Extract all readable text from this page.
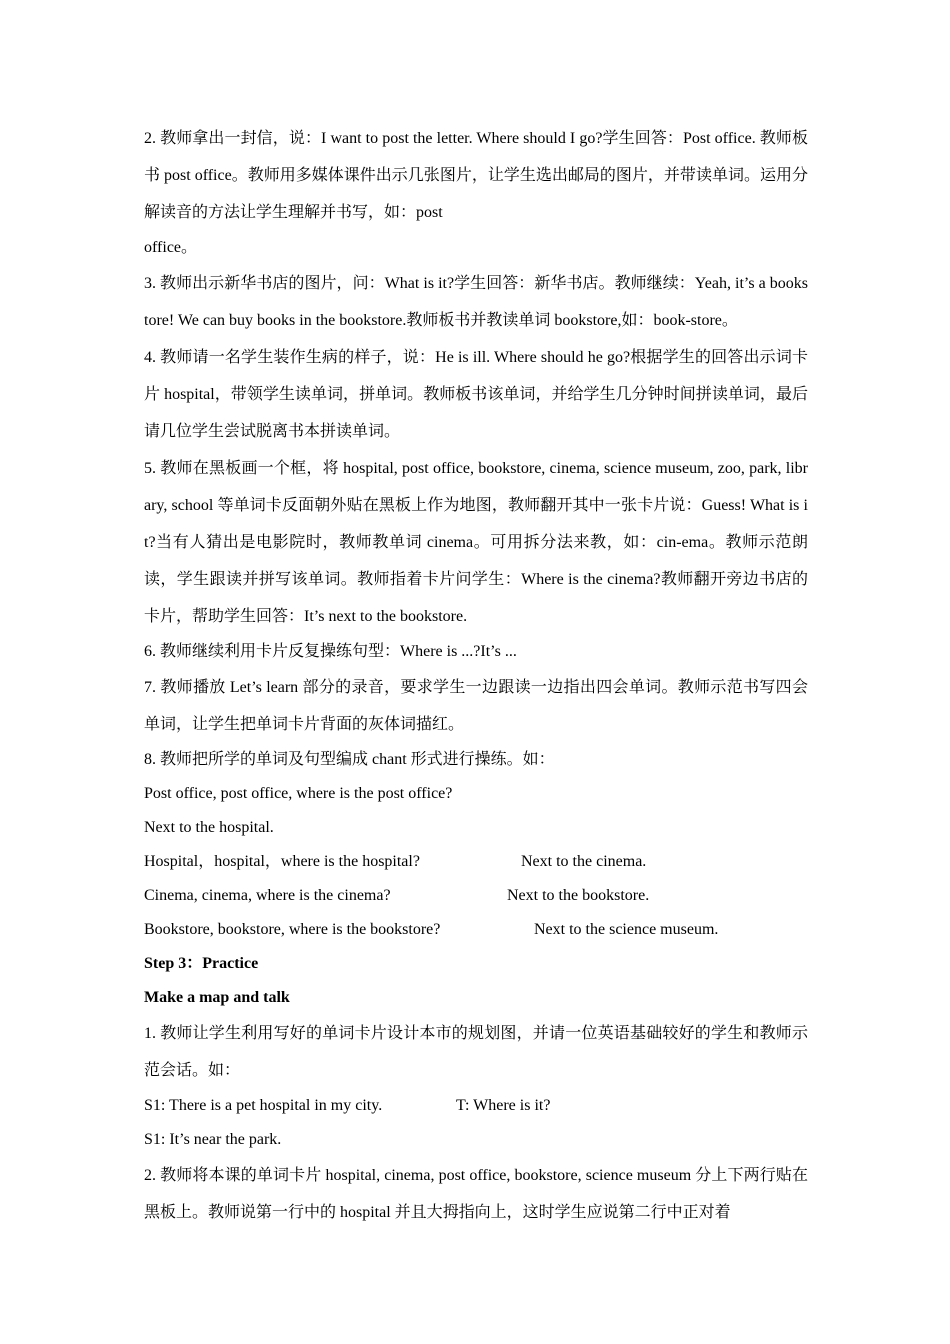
2. 教师拿出一封信，说：I want to post the letter. Where should I go?学生回答：Post office. 教师板书 post office。教师用多媒体课件出示几张图片，让学生选出邮局的图片，并带读单词。运用分解读音的方法让学生理解并书写，如：post

office。

3. 教师出示新华书店的图片，问：What is it?学生回答：新华书店。教师继续：Yeah, it’s a bookstore! We can buy books in the bookstore.教师板书并教读单词 bookstore,如：book-store。

4. 教师请一名学生装作生病的样子，说：He is ill. Where should he go?根据学生的回答出示词卡片 hospital，带领学生读单词，拼单词。教师板书该单词，并给学生几分钟时间拼读单词，最后请几位学生尝试脱离书本拼读单词。

5. 教师在黑板画一个框，将 hospital, post office, bookstore, cinema, science museum, zoo, park, library, school 等单词卡反面朝外贴在黑板上作为地图，教师翻开其中一张卡片说：Guess! What is it?当有人猜出是电影院时，教师教单词 cinema。可用拆分法来教，如：cin-ema。教师示范朗读，学生跟读并拼写该单词。教师指着卡片问学生：Where is the cinema?教师翻开旁边书店的卡片，帮助学生回答：It’s next to the bookstore.

6. 教师继续利用卡片反复操练句型：Where is ...?It’s ...

7. 教师播放 Let’s learn 部分的录音，要求学生一边跟读一边指出四会单词。教师示范书写四会单词，让学生把单词卡片背面的灰体词描红。

8. 教师把所学的单词及句型编成 chant 形式进行操练。如：

Post office, post office, where is the post office?

Next to the hospital.

Hospital，hospital，where is the hospital?	Next to the cinema.
Cinema, cinema, where is the cinema?	Next to the bookstore.
Bookstore, bookstore, where is the bookstore?	Next to the science museum.

Step 3：Practice

Make a map and talk

1. 教师让学生利用写好的单词卡片设计本市的规划图，并请一位英语基础较好的学生和教师示范会话。如：

S1: There is a pet hospital in my city.	T: Where is it?

S1: It’s near the park.

2. 教师将本课的单词卡片 hospital, cinema, post office, bookstore, science museum 分上下两行贴在黑板上。教师说第一行中的 hospital 并且大拇指向上，这时学生应说第二行中正对着
